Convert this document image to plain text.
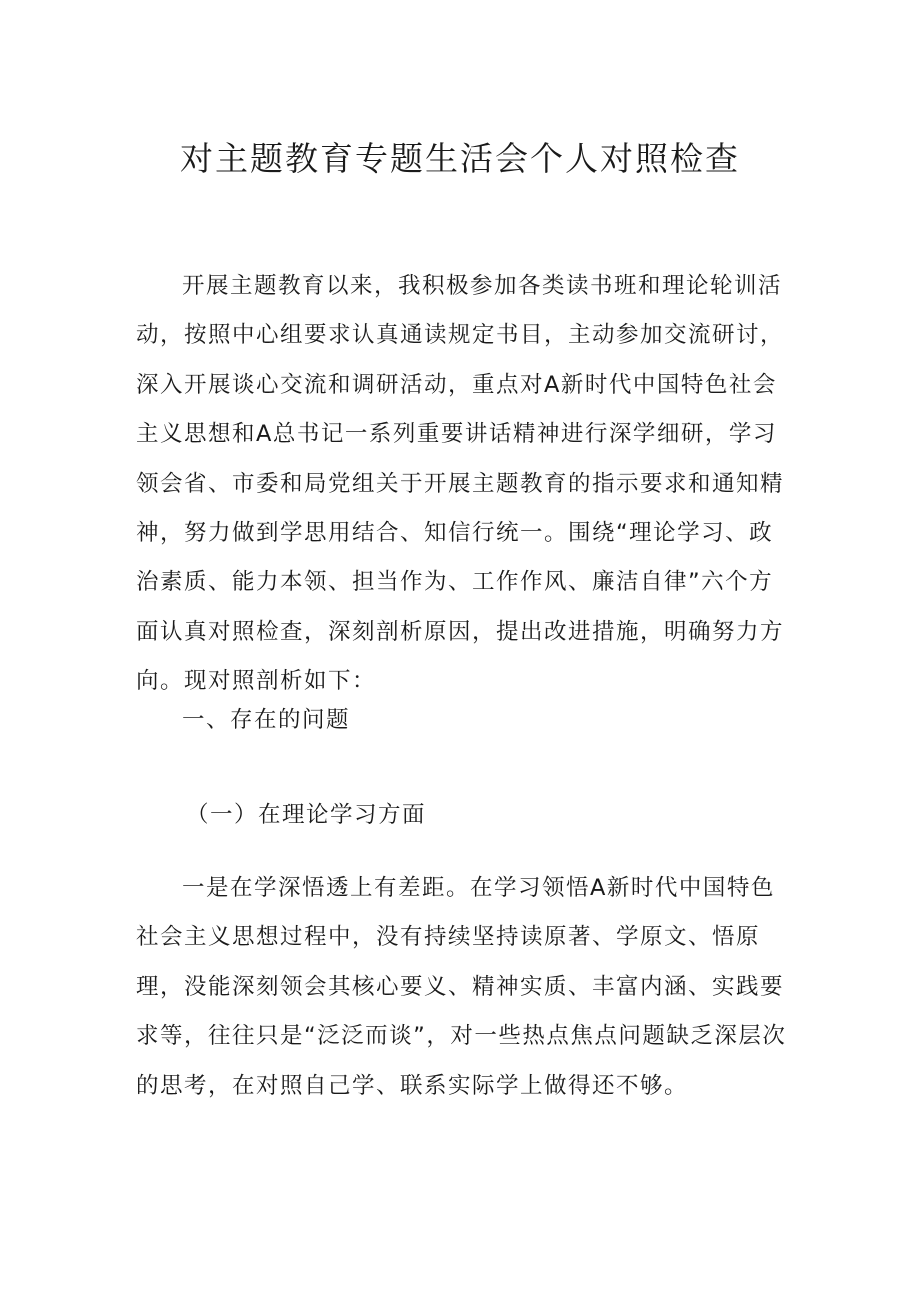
对主题教育专题生活会个人对照检查

开展主题教育以来，我积极参加各类读书班和理论轮训活动，按照中心组要求认真通读规定书目，主动参加交流研讨，深入开展谈心交流和调研活动，重点对A新时代中国特色社会主义思想和A总书记一系列重要讲话精神进行深学细研，学习领会省、市委和局党组关于开展主题教育的指示要求和通知精神，努力做到学思用结合、知信行统一。围绕“理论学习、政治素质、能力本领、担当作为、工作作风、廉洁自律”六个方面认真对照检查，深刻剖析原因，提出改进措施，明确努力方向。现对照剖析如下：

一、存在的问题

（一）在理论学习方面

一是在学深悟透上有差距。在学习领悟A新时代中国特色社会主义思想过程中，没有持续坚持读原著、学原文、悟原理，没能深刻领会其核心要义、精神实质、丰富内涵、实践要求等，往往只是“泛泛而谈”，对一些热点焦点问题缺乏深层次的思考，在对照自己学、联系实际学上做得还不够。
